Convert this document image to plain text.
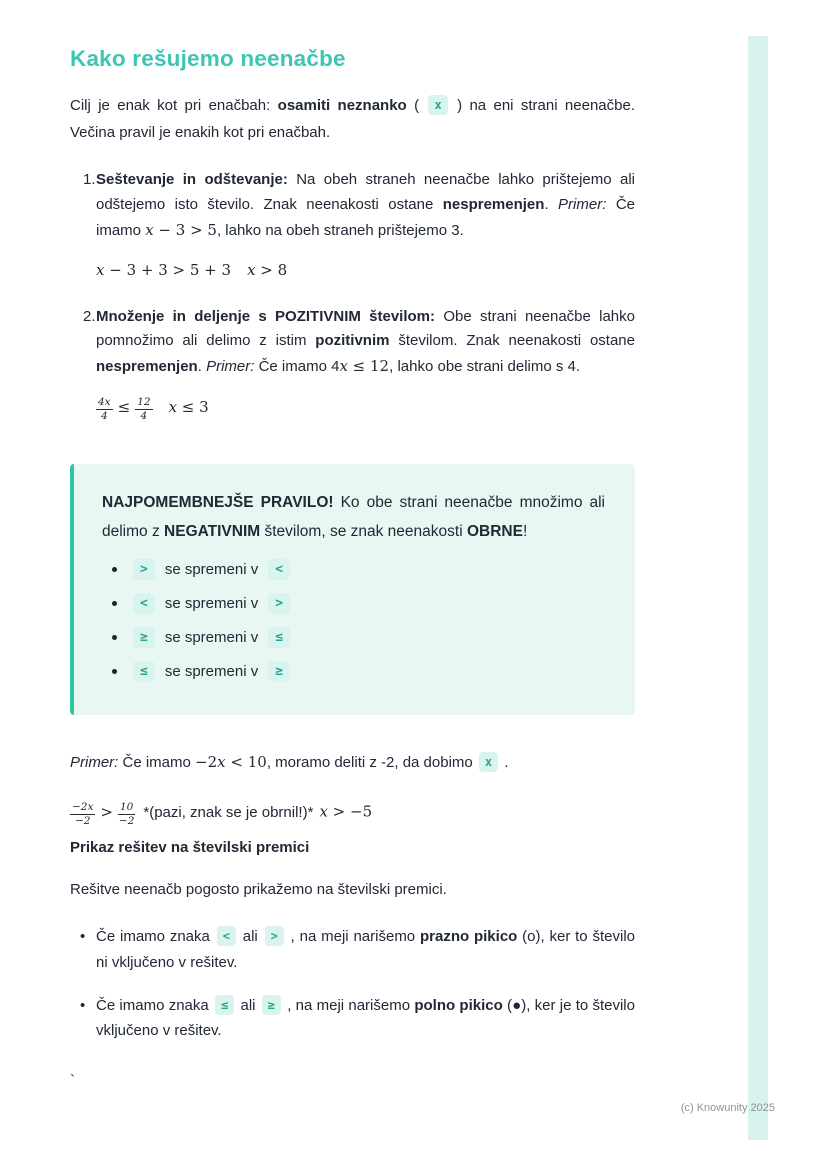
Kako rešujemo neenačbe

Cilj je enak kot pri enačbah: osamiti neznanko ( x ) na eni strani neenačbe. Večina pravil je enakih kot pri enačbah.

1. Seštevanje in odštevanje: Na obeh straneh neenačbe lahko prištejemo ali odštejemo isto število. Znak neenakosti ostane nespremenjen. Primer: Če imamo x − 3 > 5, lahko na obeh straneh prištejemo 3.
x − 3 + 3 > 5 + 3 x > 8
2. Množenje in deljenje s POZITIVNIM številom: Obe strani neenačbe lahko pomnožimo ali delimo z istim pozitivnim številom. Znak neenakosti ostane nespremenjen. Primer: Če imamo 4x ≤ 12, lahko obe strani delimo s 4.
$\frac{4x}{4} \le \frac{12}{4}$ x ≤ 3

NAJPOMEMBNEJŠE PRAVILO! Ko obe strani neenačbe množimo ali delimo z NEGATIVNIM številom, se znak neenakosti OBRNE!

>	se spremeni v	<
<	se spremeni v	>
≥	se spremeni v	≤
≤	se spremeni v	≥

Primer: Če imamo −2x < 10, moramo deliti z -2, da dobimo x .

$\frac{-2x}{-2} > \frac{10}{-2}$ *(pazi, znak se je obrnil!)* x > −5
Prikaz rešitev na številski premici

Rešitve neenačb pogosto prikažemo na številski premici.

• Če imamo znaka < ali > , na meji narišemo prazno pikico (o), ker to število ni vključeno v rešitev.
• Če imamo znaka ≤ ali ≥ , na meji narišemo polno pikico (●), ker je to število vključeno v rešitev.
`
(c) Knowunity 2025
